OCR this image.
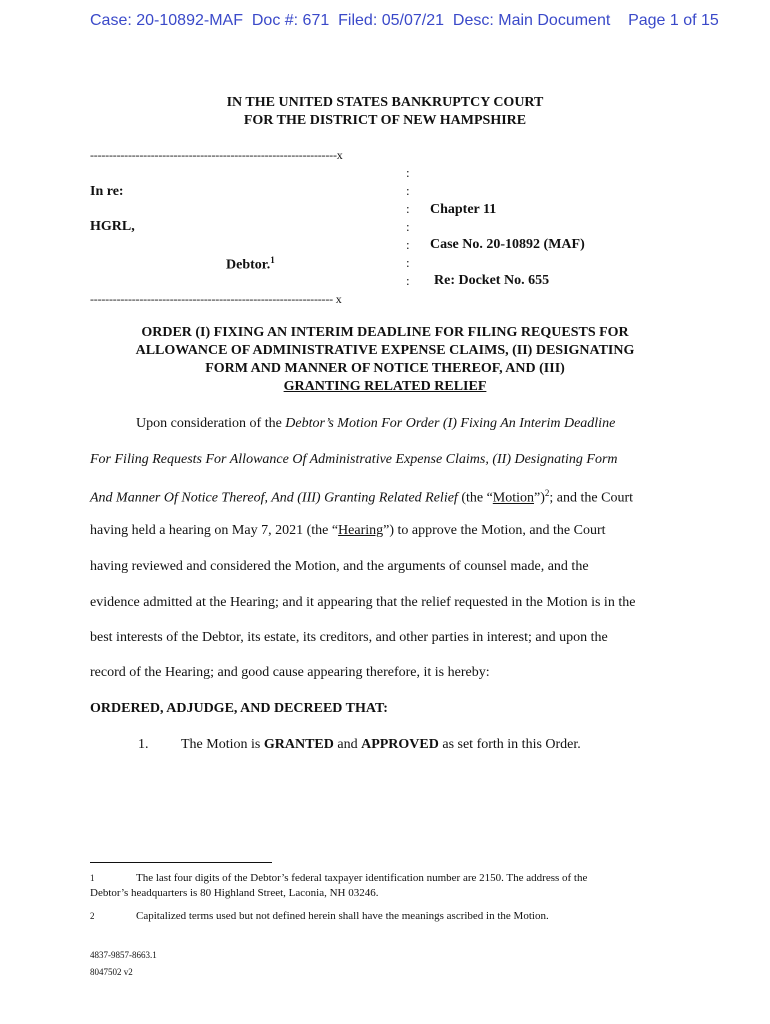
Case: 20-10892-MAF Doc #: 671 Filed: 05/07/21 Desc: Main Document Page 1 of 15
IN THE UNITED STATES BANKRUPTCY COURT
FOR THE DISTRICT OF NEW HAMPSHIRE
-----------------------------------------------------------------x
:
:
:
:
:
:
:
In re:
HGRL,
Debtor.$^1$
Chapter 11
Case No. 20-10892 (MAF)
Re: Docket No. 655
---------------------------------------------------------------- x
ORDER (I) FIXING AN INTERIM DEADLINE FOR FILING REQUESTS FOR
ALLOWANCE OF ADMINISTRATIVE EXPENSE CLAIMS, (II) DESIGNATING
FORM AND MANNER OF NOTICE THEREOF, AND (III)
GRANTING RELATED RELIEF
Upon consideration of the Debtor’s Motion For Order (I) Fixing An Interim Deadline
For Filing Requests For Allowance Of Administrative Expense Claims, (II) Designating Form
And Manner Of Notice Thereof, And (III) Granting Related Relief (the “Motion”)$^2$; and the Court
having held a hearing on May 7, 2021 (the “Hearing”) to approve the Motion, and the Court
having reviewed and considered the Motion, and the arguments of counsel made, and the
evidence admitted at the Hearing; and it appearing that the relief requested in the Motion is in the
best interests of the Debtor, its estate, its creditors, and other parties in interest; and upon the
record of the Hearing; and good cause appearing therefore, it is hereby:
ORDERED, ADJUDGE, AND DECREED THAT:
1. The Motion is GRANTED and APPROVED as set forth in this Order.
1	The last four digits of the Debtor’s federal taxpayer identification number are 2150. The address of the
Debtor’s headquarters is 80 Highland Street, Laconia, NH 03246.
2	Capitalized terms used but not defined herein shall have the meanings ascribed in the Motion.
4837-9857-8663.1
8047502 v2
